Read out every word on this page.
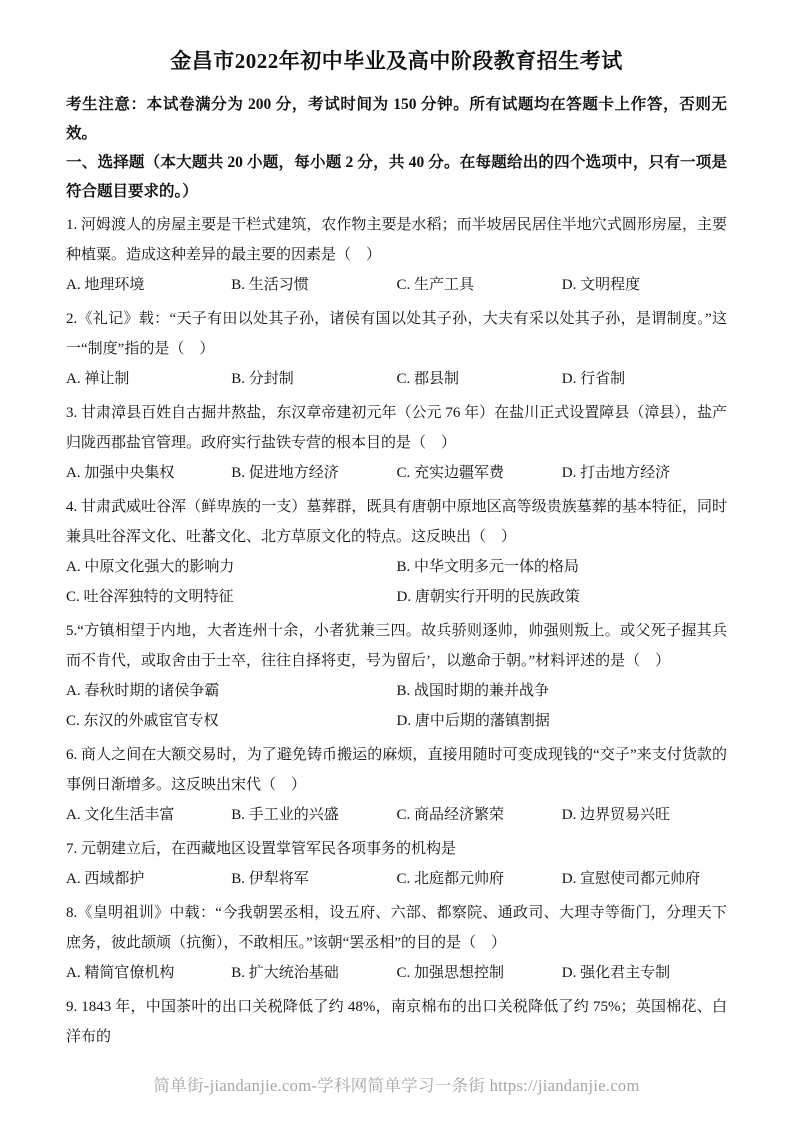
金昌市2022年初中毕业及高中阶段教育招生考试

考生注意：本试卷满分为 200 分，考试时间为 150 分钟。所有试题均在答题卡上作答，否则无效。

一、选择题（本大题共 20 小题，每小题 2 分，共 40 分。在每题给出的四个选项中，只有一项是符合题目要求的。）

1. 河姆渡人的房屋主要是干栏式建筑，农作物主要是水稻；而半坡居民居住半地穴式圆形房屋，主要种植粟。造成这种差异的最主要的因素是（　）

A. 地理环境	B. 生活习惯	C. 生产工具	D. 文明程度

2.《礼记》载：“天子有田以处其子孙，诸侯有国以处其子孙，大夫有采以处其子孙，是谓制度。”这一“制度”指的是（　）

A. 禅让制	B. 分封制	C. 郡县制	D. 行省制

3. 甘肃漳县百姓自古掘井熬盐，东汉章帝建初元年（公元 76 年）在盐川正式设置障县（漳县），盐产归陇西郡盐官管理。政府实行盐铁专营的根本目的是（　）

A. 加强中央集权	B. 促进地方经济	C. 充实边疆军费	D. 打击地方经济

4. 甘肃武威吐谷浑（鲜卑族的一支）墓葬群，既具有唐朝中原地区高等级贵族墓葬的基本特征，同时兼具吐谷浑文化、吐蕃文化、北方草原文化的特点。这反映出（　）

A. 中原文化强大的影响力	B. 中华文明多元一体的格局
C. 吐谷浑独特的文明特征	D. 唐朝实行开明的民族政策

5.“方镇相望于内地，大者连州十余，小者犹兼三四。故兵骄则逐帅，帅强则叛上。或父死子握其兵而不肯代，或取舍由于士卒，往往自择将吏，号为留后’，以邀命于朝。”材料评述的是（　）

A. 春秋时期的诸侯争霸	B. 战国时期的兼并战争
C. 东汉的外戚宦官专权	D. 唐中后期的藩镇割据

6. 商人之间在大额交易时，为了避免铸币搬运的麻烦，直接用随时可变成现钱的“交子”来支付货款的事例日渐增多。这反映出宋代（　）

A. 文化生活丰富	B. 手工业的兴盛	C. 商品经济繁荣	D. 边界贸易兴旺

7. 元朝建立后，在西藏地区设置掌管军民各项事务的机构是

A. 西域都护	B. 伊犁将军	C. 北庭都元帅府	D. 宣慰使司都元帅府

8.《皇明祖训》中载：“今我朝罢丞相，设五府、六部、都察院、通政司、大理寺等衙门，分理天下庶务，彼此颉颃（抗衡），不敢相压。”该朝“罢丞相”的目的是（　）

A. 精简官僚机构	B. 扩大统治基础	C. 加强思想控制	D. 强化君主专制

9. 1843 年，中国茶叶的出口关税降低了约 48%，南京棉布的出口关税降低了约 75%；英国棉花、白洋布的

简单街-jiandanjie.com-学科网简单学习一条街 https://jiandanjie.com
